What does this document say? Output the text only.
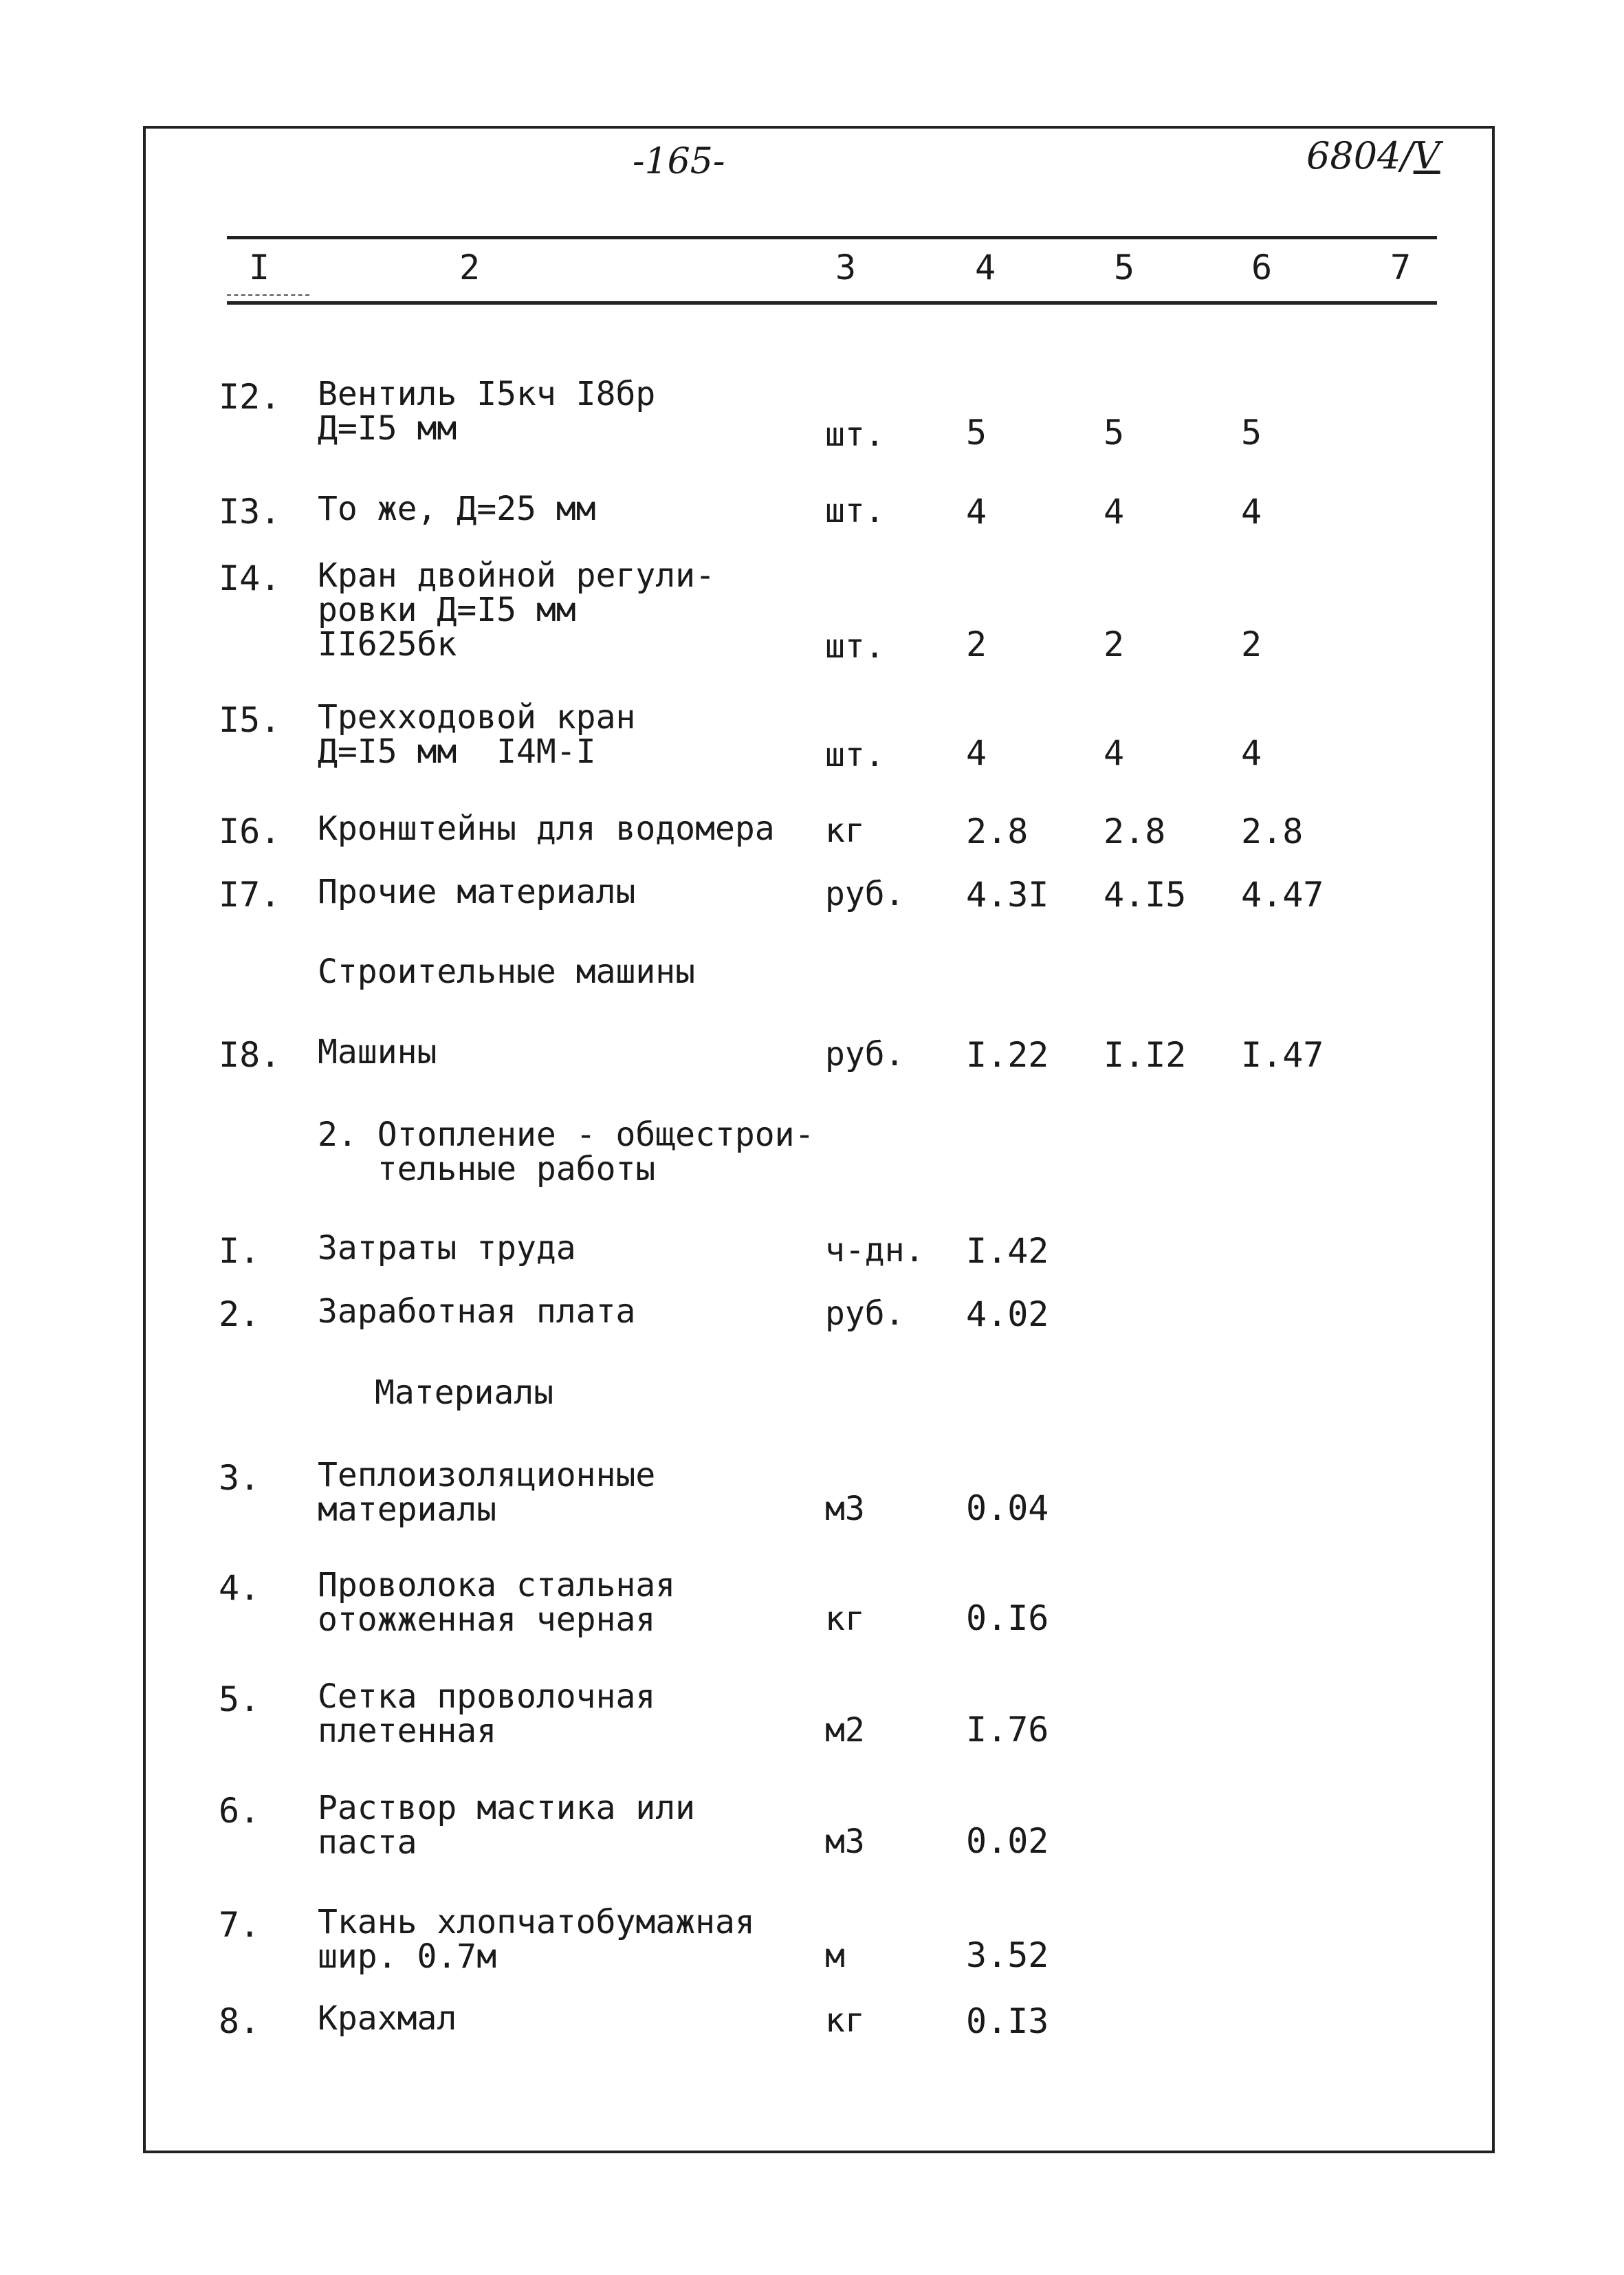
-165-	6804/V
I	2	3	4	5	6	7
I2. Вентиль I5кч I8бр
Д=I5 мм	шт. 5	5	5
I3. То же, Д=25 мм	шт. 4	4	4
I4. Кран двойной регули-
ровки Д=I5 мм
II625бк	шт. 2	2	2
I5. Трехходовой кран
Д=I5 мм  I4M-I	шт. 4	4	4
I6. Кронштейны для водомера кг	2.8 2.8 2.8
I7. Прочие материалы	руб. 4.3I 4.I5 4.47
Строительные машины
I8. Машины	руб. I.22 I.I2 I.47
2. Отопление - общестрои-
тельные работы
I. Затраты труда	ч-дн. I.42
2. Заработная плата	руб. 4.02
Материалы
3. Теплоизоляционные
материалы	м3	0.04
4. Проволока стальная
отожженная черная	кг	0.I6
5. Сетка проволочная
плетенная	м2	I.76
6. Раствор мастика или
паста	м3	0.02
7. Ткань хлопчатобумажная
шир. 0.7м	м	3.52
8. Крахмал	кг	0.I3
